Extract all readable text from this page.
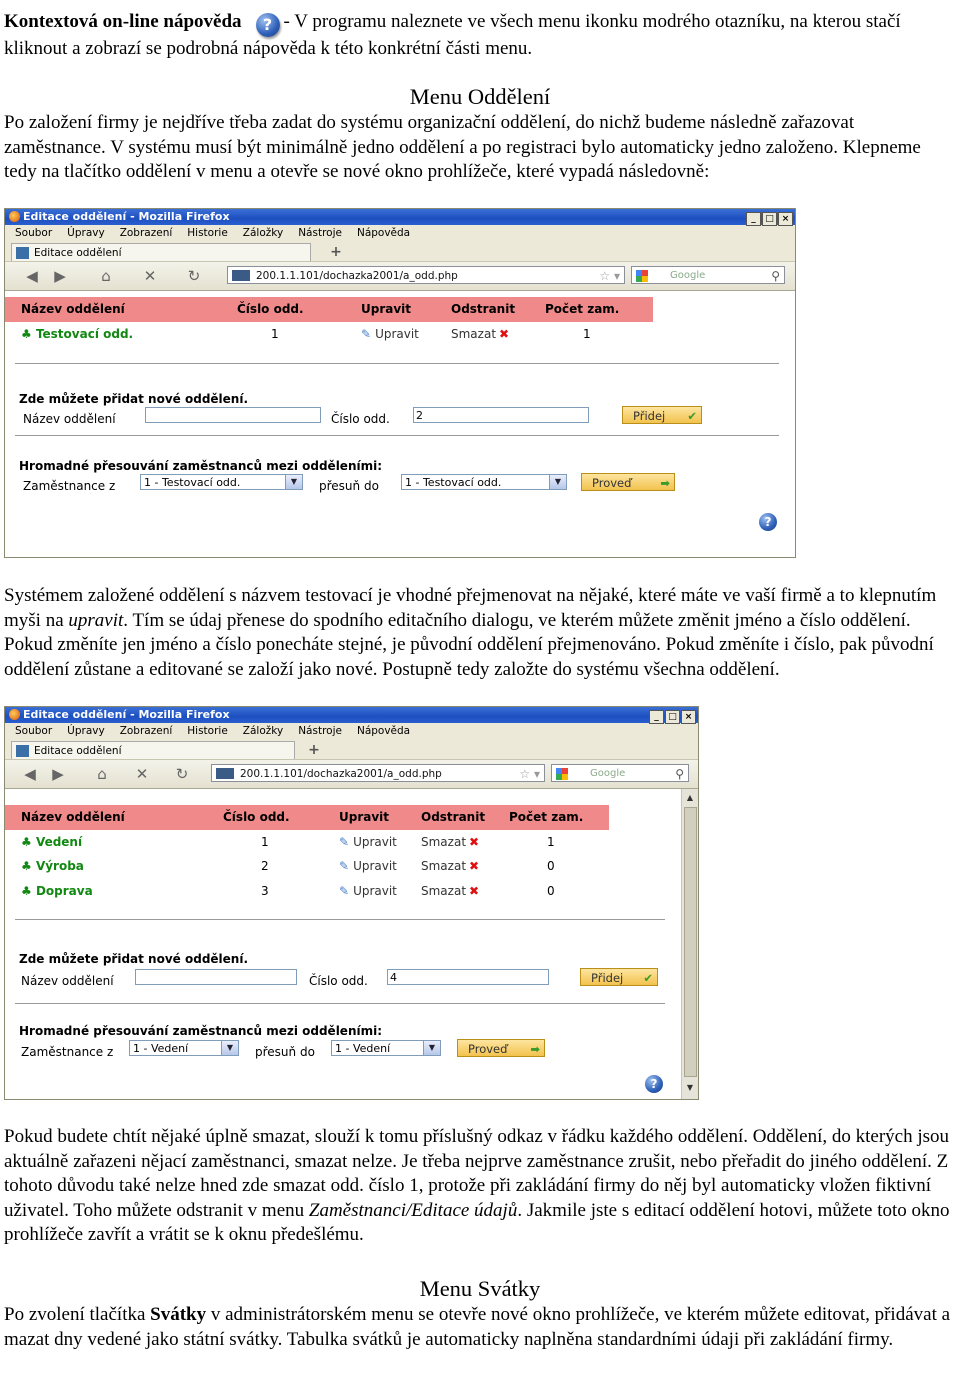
Kontextová on-line nápověda ? - V programu naleznete ve všech menu ikonku modrého otazníku, na kterou stačí kliknout a zobrazí se podrobná nápověda k této konkrétní části menu.

Menu Oddělení

Po založení firmy je nejdříve třeba zadat do systému organizační oddělení, do nichž budeme následně zařazovat zaměstnance. V systému musí být minimálně jedno oddělení a po registraci bylo automaticky jedno založeno. Klepneme tedy na tlačítko oddělení v menu a otevře se nové okno prohlížeče, které vypadá následovně:

Editace oddělení - Mozilla Firefox	_ □ ×
Soubor Úpravy Zobrazení Historie Záložky Nástroje Nápověda
Editace oddělení	+
◀	▶	⌂	✕	↻	200.1.1.101/dochazka2001/a_odd.php	☆ ▾	Google	⚲
Název oddělení	Číslo odd.	Upravit	Odstranit	Počet zam.
♣ Testovací odd.	1	✎ Upravit	Smazat ✖	1
Zde můžete přidat nové oddělení.
Název oddělení	Číslo odd. 2	Přidej ✔
Hromadné přesouvání zaměstnanců mezi odděleními:
Zaměstnance z	1 - Testovací odd.	▼	přesuň do	1 - Testovací odd.	▼	Proveď	➡
?

Systémem založené oddělení s názvem testovací je vhodné přejmenovat na nějaké, které máte ve vaší firmě a to klepnutím myši na upravit. Tím se údaj přenese do spodního editačního dialogu, ve kterém můžete změnit jméno a číslo oddělení. Pokud změníte jen jméno a číslo ponecháte stejné, je původní oddělení přejmenováno. Pokud změníte i číslo, pak původní oddělení zůstane a editované se založí jako nové. Postupně tedy založte do systému všechna oddělení.

Editace oddělení - Mozilla Firefox	_ □ ×
Soubor Úpravy Zobrazení Historie Záložky Nástroje Nápověda
Editace oddělení	+
◀	▶	⌂	✕	↻	200.1.1.101/dochazka2001/a_odd.php	☆ ▾	Google	⚲
Název oddělení	Číslo odd.	Upravit	Odstranit	Počet zam.
♣ Vedení	1	✎ Upravit	Smazat ✖	1
♣ Výroba	2	✎ Upravit	Smazat ✖	0
♣ Doprava	3	✎ Upravit	Smazat ✖	0
Zde můžete přidat nové oddělení.
Název oddělení	Číslo odd. 4	Přidej ✔
Hromadné přesouvání zaměstnanců mezi odděleními:
Zaměstnance z	1 - Vedení	▼	přesuň do	1 - Vedení	▼	Proveď ➡
?
▲
▼

Pokud budete chtít nějaké úplně smazat, slouží k tomu příslušný odkaz v řádku každého oddělení. Oddělení, do kterých jsou aktuálně zařazeni nějací zaměstnanci, smazat nelze. Je třeba nejprve zaměstnance zrušit, nebo přeřadit do jiného oddělení. Z tohoto důvodu také nelze hned zde smazat odd. číslo 1, protože při zakládání firmy do něj byl automaticky vložen fiktivní uživatel. Toho můžete odstranit v menu Zaměstnanci/Editace údajů. Jakmile jste s editací oddělení hotovi, můžete toto okno prohlížeče zavřít a vrátit se k oknu předešlému.

Menu Svátky

Po zvolení tlačítka Svátky v administrátorském menu se otevře nové okno prohlížeče, ve kterém můžete editovat, přidávat a mazat dny vedené jako státní svátky. Tabulka svátků je automaticky naplněna standardními údaji při zakládání firmy.
